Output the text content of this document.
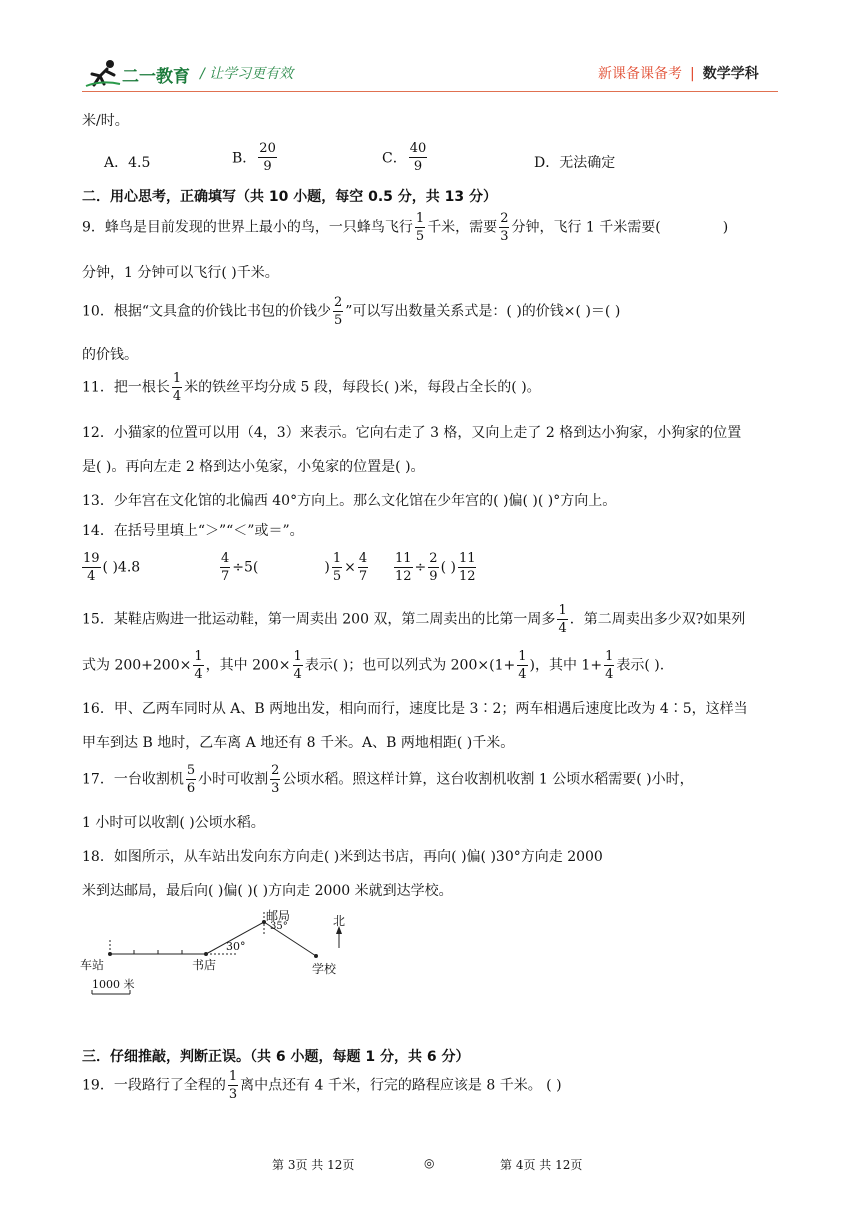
二一教育 / 让学习更有效	新课备课备考 | 数学学科
米/时。
A．4.5	B． $\frac{20}{9}$	C． $\frac{40}{9}$	D．无法确定
二．用心思考，正确填写（共 10 小题，每空 0.5 分，共 13 分）
9．蜂鸟是目前发现的世界上最小的鸟，一只蜂鸟飞行 $\frac{1}{5}$ 千米，需要 $\frac{2}{3}$ 分钟，飞行 1 千米需要(	)
分钟，1 分钟可以飞行( )千米。
10．根据“文具盒的价钱比书包的价钱少 $\frac{2}{5}$ ”可以写出数量关系式是：( )的价钱×( )＝( )
的价钱。
11．把一根长 $\frac{1}{4}$ 米的铁丝平均分成 5 段，每段长( )米，每段占全长的( )。
12．小猫家的位置可以用（4，3）来表示。它向右走了 3 格，又向上走了 2 格到达小狗家，小狗家的位置
是( )。再向左走 2 格到达小兔家，小兔家的位置是( )。
13．少年宫在文化馆的北偏西 40°方向上。那么文化馆在少年宫的( )偏( )( )°方向上。
14．在括号里填上“＞”“＜”或＝”。
$\frac{19}{4}$ ( )4.8	$\frac{4}{7} \div 5$(	) $\frac{1}{5} \times \frac{4}{7} \frac{11}{12} \div \frac{2}{9}$ ( ) $\frac{11}{12}$
15．某鞋店购进一批运动鞋，第一周卖出 200 双，第二周卖出的比第一周多 $\frac{1}{4}$ ．第二周卖出多少双?如果列
式为 $200+200\times \frac{1}{4}$ ，其中 $200\times \frac{1}{4}$ 表示( )；也可以列式为 $200\times(1+ \frac{1}{4}$ )，其中 $1+ \frac{1}{4}$ 表示( ).
16．甲、乙两车同时从 A、B 两地出发，相向而行，速度比是 3∶2；两车相遇后速度比改为 4∶5，这样当
甲车到达 B 地时，乙车离 A 地还有 8 千米。A、B 两地相距( )千米。
17．一台收割机 $\frac{5}{6}$ 小时可收割 $\frac{2}{3}$ 公顷水稻。照这样计算，这台收割机收割 1 公顷水稻需要( )小时，
1 小时可以收割( )公顷水稻。
18．如图所示，从车站出发向东方向走( )米到达书店，再向( )偏( )30°方向走 2000
米到达邮局，最后向( )偏( )( )方向走 2000 米就到达学校。
车站	书店
30°
邮局
35°
学校
北
1000 米
三．仔细推敲，判断正误。（共 6 小题，每题 1 分，共 6 分）
19．一段路行了全程的 $\frac{1}{3}$ 离中点还有 4 千米，行完的路程应该是 8 千米。 ( )
第 3页 共 12页	◎	第 4页 共 12页
